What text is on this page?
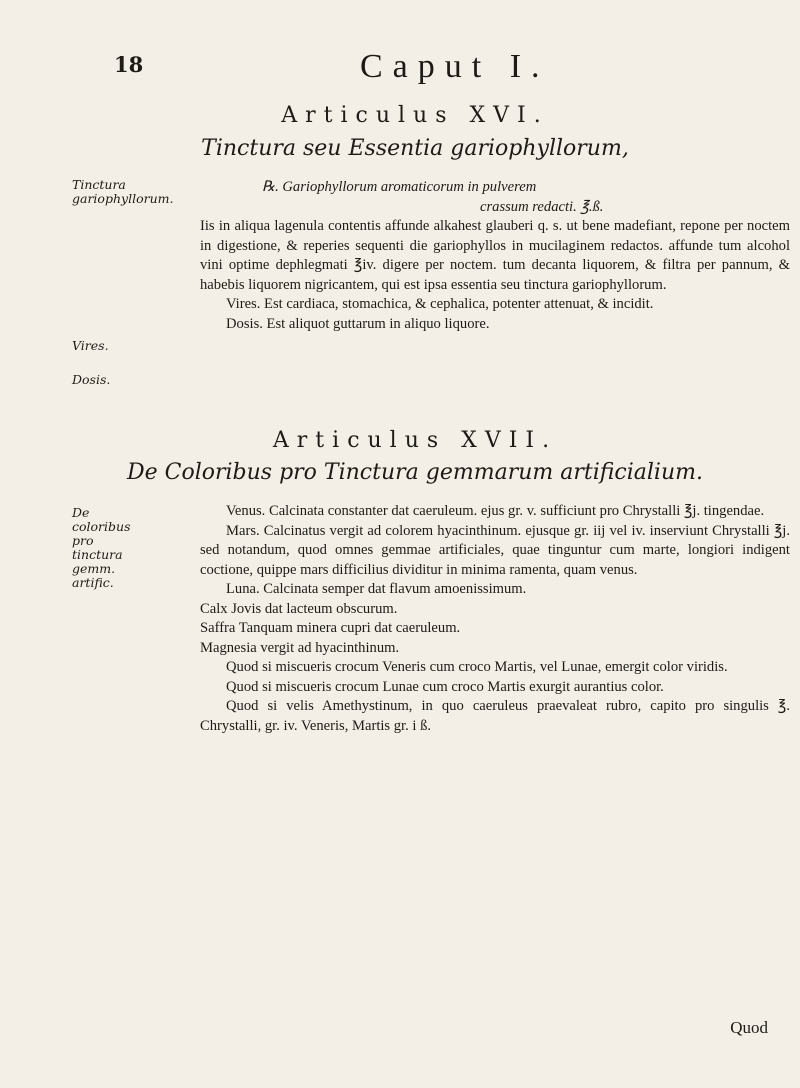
18	Caput I.
Articulus XVI.
Tinctura seu Essentia gariophyllorum,
Tinctura gariophyllorum.
Vires.
Dosis.

℞. Gariophyllorum aromaticorum in pulverem

crassum redacti. ℥.ß.

Iis in aliqua lagenula contentis affunde alkahest glauberi q. s. ut bene madefiant, repone per noctem in digestione, & reperies sequenti die gariophyllos in mucilaginem redactos. affunde tum alcohol vini optime dephlegmati ℥iv. digere per noctem. tum decanta liquorem, & filtra per pannum, & habebis liquorem nigricantem, qui est ipsa essentia seu tinctura gariophyllorum.

Vires. Est cardiaca, stomachica, & cephalica, potenter attenuat, & incidit.

Dosis. Est aliquot guttarum in aliquo liquore.

Articulus XVII.
De Coloribus pro Tinctura gemmarum artificialium.
De coloribus pro tinctura gemm. artific.

Venus. Calcinata constanter dat caeruleum. ejus gr. v. sufficiunt pro Chrystalli ℥j. tingendae.

Mars. Calcinatus vergit ad colorem hyacinthinum. ejusque gr. iij vel iv. inserviunt Chrystalli ℥j. sed notandum, quod omnes gemmae artificiales, quae tinguntur cum marte, longiori indigent coctione, quippe mars difficilius dividitur in minima ramenta, quam venus.

Luna. Calcinata semper dat flavum amoenissimum.

Calx Jovis dat lacteum obscurum.

Saffra Tanquam minera cupri dat caeruleum.

Magnesia vergit ad hyacinthinum.

Quod si miscueris crocum Veneris cum croco Martis, vel Lunae, emergit color viridis.

Quod si miscueris crocum Lunae cum croco Martis exurgit aurantius color.

Quod si velis Amethystinum, in quo caeruleus praevaleat rubro, capito pro singulis ℥. Chrystalli, gr. iv. Veneris, Martis gr. i ß.

Quod
